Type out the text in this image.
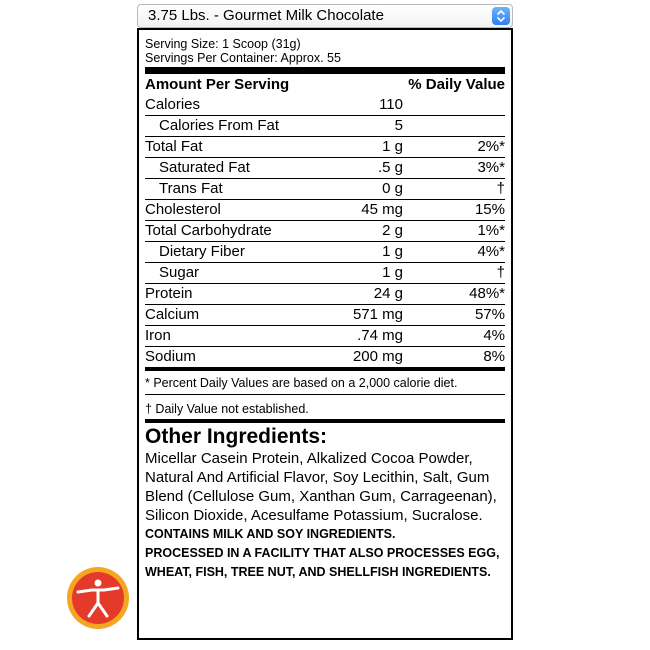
3.75 Lbs. - Gourmet Milk Chocolate
Serving Size: 1 Scoop (31g)
Servings Per Container: Approx. 55
Amount Per Serving	% Daily Value
Calories	110
Calories From Fat	5
Total Fat	1 g	2%*
Saturated Fat	.5 g	3%*
Trans Fat	0 g	†
Cholesterol	45 mg	15%
Total Carbohydrate	2 g	1%*
Dietary Fiber	1 g	4%*
Sugar	1 g	†
Protein	24 g	48%*
Calcium	571 mg	57%
Iron	.74 mg	4%
Sodium	200 mg	8%
* Percent Daily Values are based on a 2,000 calorie diet.
† Daily Value not established.
Other Ingredients:
Micellar Casein Protein, Alkalized Cocoa Powder, Natural And Artificial Flavor, Soy Lecithin, Salt, Gum Blend (Cellulose Gum, Xanthan Gum, Carrageenan), Silicon Dioxide, Acesulfame Potassium, Sucralose.
CONTAINS MILK AND SOY INGREDIENTS.
PROCESSED IN A FACILITY THAT ALSO PROCESSES EGG, WHEAT, FISH, TREE NUT, AND SHELLFISH INGREDIENTS.
